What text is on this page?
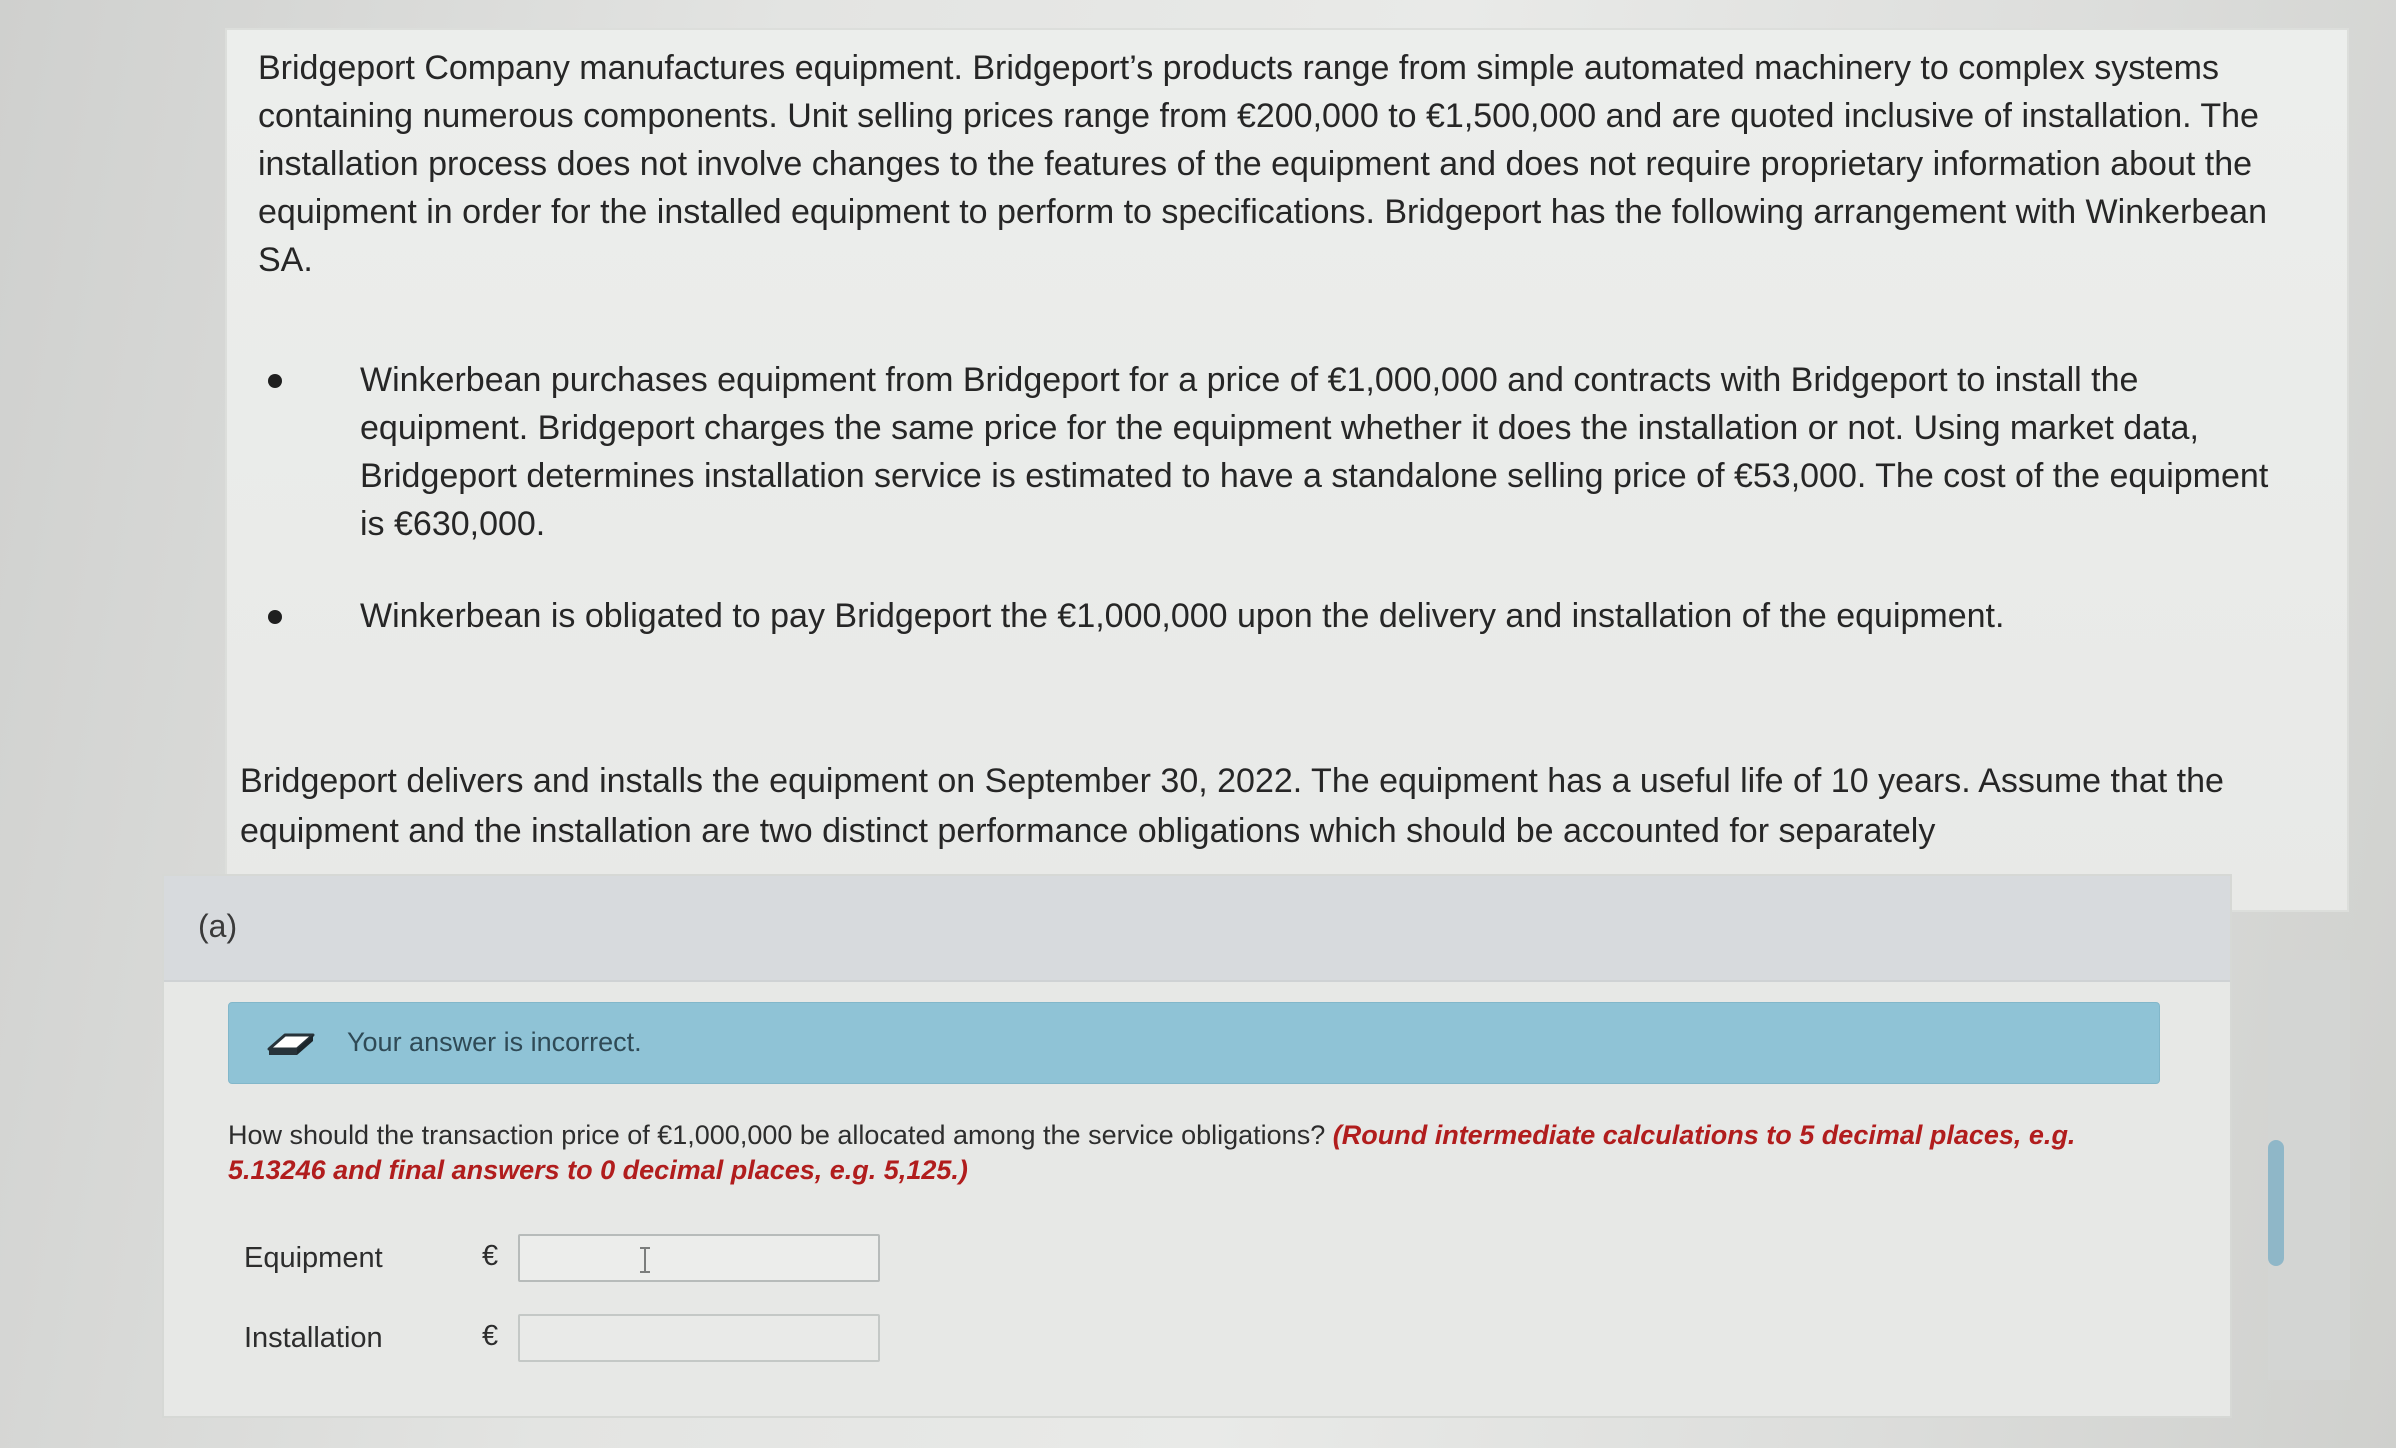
Bridgeport Company manufactures equipment. Bridgeport’s products range from simple automated machinery to complex systems containing numerous components. Unit selling prices range from €200,000 to €1,500,000 and are quoted inclusive of installation. The installation process does not involve changes to the features of the equipment and does not require proprietary information about the equipment in order for the installed equipment to perform to specifications. Bridgeport has the following arrangement with Winkerbean SA.
Winkerbean purchases equipment from Bridgeport for a price of €1,000,000 and contracts with Bridgeport to install the equipment. Bridgeport charges the same price for the equipment whether it does the installation or not. Using market data, Bridgeport determines installation service is estimated to have a standalone selling price of €53,000. The cost of the equipment is €630,000.
Winkerbean is obligated to pay Bridgeport the €1,000,000 upon the delivery and installation of the equipment.
Bridgeport delivers and installs the equipment on September 30, 2022. The equipment has a useful life of 10 years. Assume that the equipment and the installation are two distinct performance obligations which should be accounted for separately
(a)
Your answer is incorrect.
How should the transaction price of €1,000,000 be allocated among the service obligations? (Round intermediate calculations to 5 decimal places, e.g. 5.13246 and final answers to 0 decimal places, e.g. 5,125.)
Equipment	€
Installation	€
